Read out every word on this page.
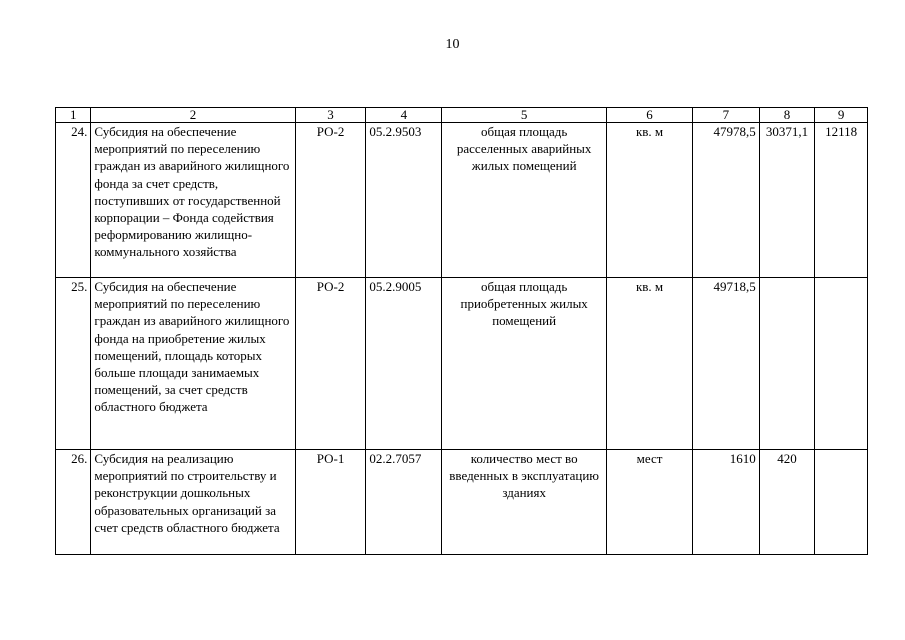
10
1	2	3	4	5	6	7	8	9
24.	Субсидия на обеспечение мероприятий по переселению граждан из аварийного жилищного фонда за счет средств, поступивших от государственной корпорации – Фонда содействия реформированию жилищно-коммунального хозяйства	РО-2	05.2.9503	общая площадь расселенных аварийных жилых помещений	кв. м	47978,5	30371,1	12118
25.	Субсидия на обеспечение мероприятий по переселению граждан из аварийного жилищного фонда на приобретение жилых помещений, площадь которых больше площади занимаемых помещений, за счет средств областного бюджета	РО-2	05.2.9005	общая площадь приобретенных жилых помещений	кв. м	49718,5		
26.	Субсидия на реализацию мероприятий по строительству и реконструкции дошкольных образовательных организаций за счет средств областного бюджета	РО-1	02.2.7057	количество мест во введенных в эксплуатацию зданиях	мест	1610	420	
